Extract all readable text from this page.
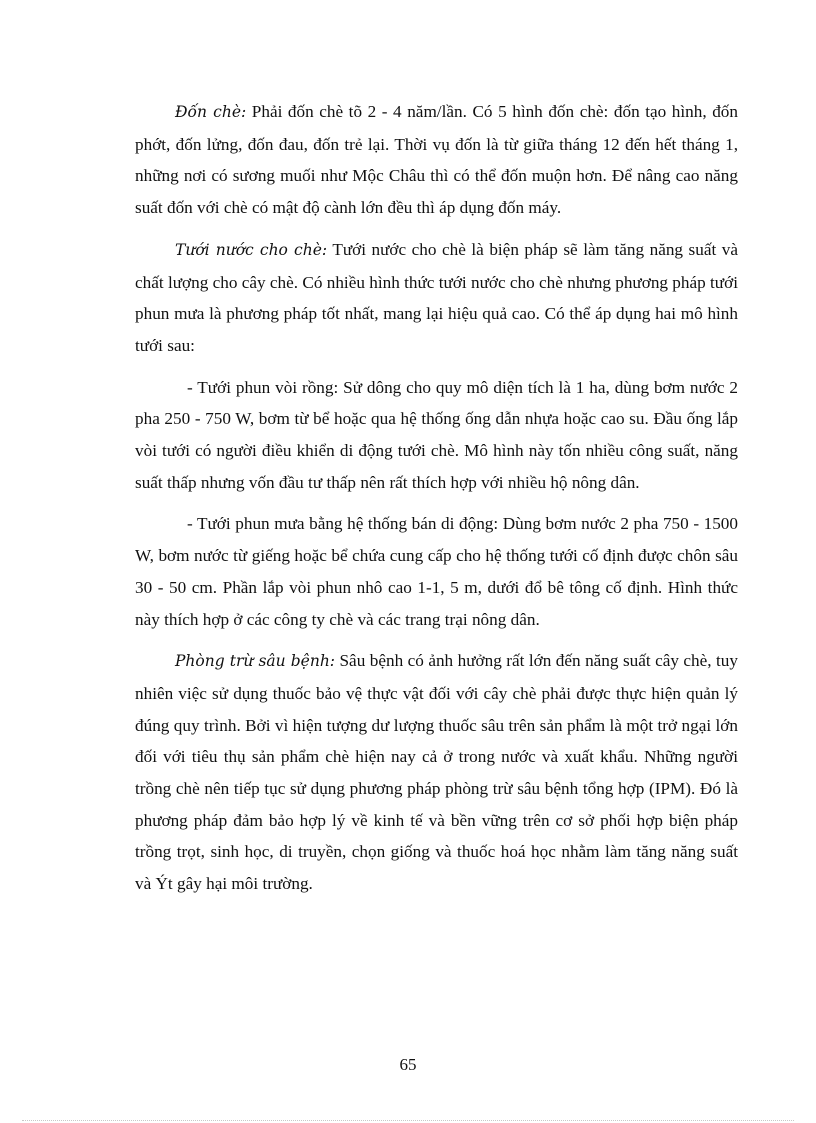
Đốn chè: Phải đốn chè tõ 2 - 4 năm/lần. Có 5 hình đốn chè: đốn tạo hình, đốn phớt, đốn lửng, đốn đau, đốn trẻ lại. Thời vụ đốn là từ giữa tháng 12 đến hết tháng 1, những nơi có sương muối như Mộc Châu thì có thể đốn muộn hơn. Để nâng cao năng suất đốn với chè có mật độ cành lớn đều thì áp dụng đốn máy.

Tưới nước cho chè: Tưới nước cho chè là biện pháp sẽ làm tăng năng suất và chất lượng cho cây chè. Có nhiều hình thức tưới nước cho chè nhưng phương pháp tưới phun mưa là phương pháp tốt nhất, mang lại hiệu quả cao. Có thể áp dụng hai mô hình tưới sau:

- Tưới phun vòi rồng: Sử dông cho quy mô diện tích là 1 ha, dùng bơm nước 2 pha 250 - 750 W, bơm từ bể hoặc qua hệ thống ống dẫn nhựa hoặc cao su. Đầu ống lắp vòi tưới có người điều khiển di động tưới chè. Mô hình này tốn nhiều công suất, năng suất thấp nhưng vốn đầu tư thấp nên rất thích hợp với nhiều hộ nông dân.

- Tưới phun mưa bằng hệ thống bán di động: Dùng bơm nước 2 pha 750 - 1500 W, bơm nước từ giếng hoặc bể chứa cung cấp cho hệ thống tưới cố định được chôn sâu 30 - 50 cm. Phần lắp vòi phun nhô cao 1-1, 5 m, dưới đổ bê tông cố định. Hình thức này thích hợp ở các công ty chè và các trang trại nông dân.

Phòng trừ sâu bệnh: Sâu bệnh có ảnh hưởng rất lớn đến năng suất cây chè, tuy nhiên việc sử dụng thuốc bảo vệ thực vật đối với cây chè phải được thực hiện quản lý đúng quy trình. Bởi vì hiện tượng dư lượng thuốc sâu trên sản phẩm là một trở ngại lớn đối với tiêu thụ sản phẩm chè hiện nay cả ở trong nước và xuất khẩu. Những người trồng chè nên tiếp tục sử dụng phương pháp phòng trừ sâu bệnh tổng hợp (IPM). Đó là phương pháp đảm bảo hợp lý về kinh tế và bền vững trên cơ sở phối hợp biện pháp trồng trọt, sinh học, di truyền, chọn giống và thuốc hoá học nhằm làm tăng năng suất và Ýt gây hại môi trường.

65
